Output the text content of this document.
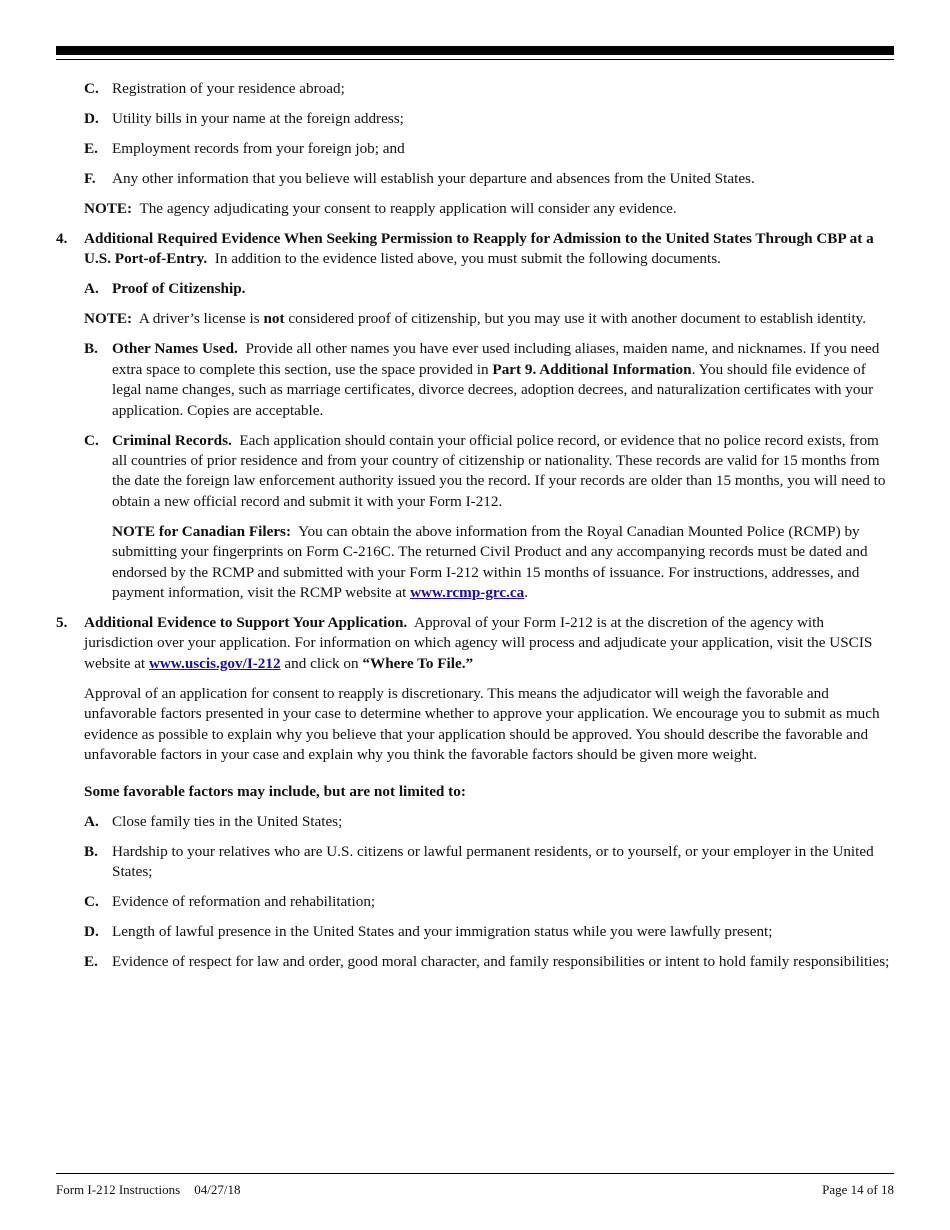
C. Registration of your residence abroad;
D. Utility bills in your name at the foreign address;
E. Employment records from your foreign job; and
F.	Any other information that you believe will establish your departure and absences from the United States.
NOTE: The agency adjudicating your consent to reapply application will consider any evidence.
4.	Additional Required Evidence When Seeking Permission to Reapply for Admission to the United States Through CBP at a U.S. Port-of-Entry. In addition to the evidence listed above, you must submit the following documents.
A. Proof of Citizenship.
NOTE: A driver’s license is not considered proof of citizenship, but you may use it with another document to establish identity.
B. Other Names Used. Provide all other names you have ever used including aliases, maiden name, and nicknames. If you need extra space to complete this section, use the space provided in Part 9. Additional Information. You should file evidence of legal name changes, such as marriage certificates, divorce decrees, adoption decrees, and naturalization certificates with your application. Copies are acceptable.
C. Criminal Records. Each application should contain your official police record, or evidence that no police record exists, from all countries of prior residence and from your country of citizenship or nationality. These records are valid for 15 months from the date the foreign law enforcement authority issued you the record. If your records are older than 15 months, you will need to obtain a new official record and submit it with your Form I-212.
NOTE for Canadian Filers: You can obtain the above information from the Royal Canadian Mounted Police (RCMP) by submitting your fingerprints on Form C-216C. The returned Civil Product and any accompanying records must be dated and endorsed by the RCMP and submitted with your Form I-212 within 15 months of issuance. For instructions, addresses, and payment information, visit the RCMP website at www.rcmp-grc.ca.
5.	Additional Evidence to Support Your Application. Approval of your Form I-212 is at the discretion of the agency with jurisdiction over your application. For information on which agency will process and adjudicate your application, visit the USCIS website at www.uscis.gov/I-212 and click on “Where To File.”
Approval of an application for consent to reapply is discretionary. This means the adjudicator will weigh the favorable and unfavorable factors presented in your case to determine whether to approve your application. We encourage you to submit as much evidence as possible to explain why you believe that your application should be approved. You should describe the favorable and unfavorable factors in your case and explain why you think the favorable factors should be given more weight.
Some favorable factors may include, but are not limited to:
A. Close family ties in the United States;
B. Hardship to your relatives who are U.S. citizens or lawful permanent residents, or to yourself, or your employer in the United States;
C. Evidence of reformation and rehabilitation;
D. Length of lawful presence in the United States and your immigration status while you were lawfully present;
E. Evidence of respect for law and order, good moral character, and family responsibilities or intent to hold family responsibilities;
Form I-212 Instructions 04/27/18	Page 14 of 18
